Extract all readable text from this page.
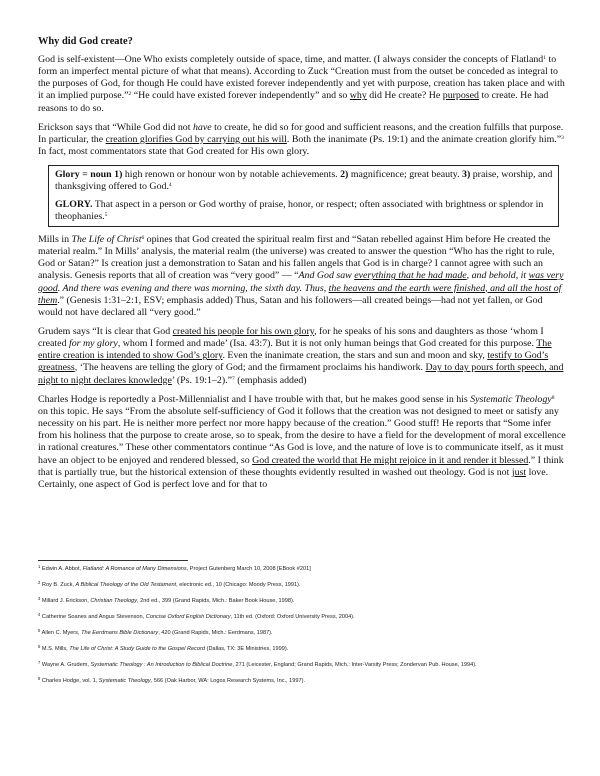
Why did God create?

God is self-existent—One Who exists completely outside of space, time, and matter. (I always consider the concepts of Flatland$^1$ to form an imperfect mental picture of what that means). According to Zuck “Creation must from the outset be conceded as integral to the purposes of God, for though He could have existed forever independently and yet with purpose, creation has taken place and with it an implied purpose.”$^2$ “He could have existed forever independently” and so why did He create? He purposed to create. He had reasons to do so.

Erickson says that “While God did not have to create, he did so for good and sufficient reasons, and the creation fulfills that purpose. In particular, the creation glorifies God by carrying out his will. Both the inanimate (Ps. 19:1) and the animate creation glorify him.”$^3$ In fact, most commentators state that God created for His own glory.

Glory = noun 1) high renown or honour won by notable achievements. 2) magnificence; great beauty. 3) praise, worship, and thanksgiving offered to God.$^4$

GLORY. That aspect in a person or God worthy of praise, honor, or respect; often associated with brightness or splendor in theophanies.$^5$

Mills in The Life of Christ$^6$ opines that God created the spiritual realm first and “Satan rebelled against Him before He created the material realm.” In Mills’ analysis, the material realm (the universe) was created to answer the question “Who has the right to rule, God or Satan?” Is creation just a demonstration to Satan and his fallen angels that God is in charge? I cannot agree with such an analysis. Genesis reports that all of creation was “very good” — “And God saw everything that he had made, and behold, it was very good. And there was evening and there was morning, the sixth day. Thus, the heavens and the earth were finished, and all the host of them.” (Genesis 1:31–2:1, ESV; emphasis added) Thus, Satan and his followers—all created beings—had not yet fallen, or God would not have declared all “very good.”

Grudem says “It is clear that God created his people for his own glory, for he speaks of his sons and daughters as those ‘whom I created for my glory, whom I formed and made’ (Isa. 43:7). But it is not only human beings that God created for this purpose. The entire creation is intended to show God’s glory. Even the inanimate creation, the stars and sun and moon and sky, testify to God’s greatness, ‘The heavens are telling the glory of God; and the firmament proclaims his handiwork. Day to day pours forth speech, and night to night declares knowledge’ (Ps. 19:1–2).”$^7$ (emphasis added)

Charles Hodge is reportedly a Post-Millennialist and I have trouble with that, but he makes good sense in his Systematic Theology$^8$ on this topic. He says “From the absolute self-sufficiency of God it follows that the creation was not designed to meet or satisfy any necessity on his part. He is neither more perfect nor more happy because of the creation.” Good stuff! He reports that “Some infer from his holiness that the purpose to create arose, so to speak, from the desire to have a field for the development of moral excellence in rational creatures.” These other commentators continue “As God is love, and the nature of love is to communicate itself, as it must have an object to be enjoyed and rendered blessed, so God created the world that He might rejoice in it and render it blessed.” I think that is partially true, but the historical extension of these thoughts evidently resulted in washed out theology. God is not just love. Certainly, one aspect of God is perfect love and for that to

$^1$ Edwin A. Abbot, Flatland: A Romance of Many Dimensions, Project Gutenberg March 10, 2008 [EBook #201]
$^2$ Roy B. Zuck, A Biblical Theology of the Old Testament, electronic ed., 10 (Chicago: Moody Press, 1991).
$^3$ Millard J. Erickson, Christian Theology, 2nd ed., 399 (Grand Rapids, Mich.: Baker Book House, 1998).
$^4$ Catherine Soanes and Angus Stevenson, Concise Oxford English Dictionary, 11th ed. (Oxford: Oxford University Press, 2004).
$^5$ Allen C. Myers, The Eerdmans Bible Dictionary, 420 (Grand Rapids, Mich.: Eerdmans, 1987).
$^6$ M.S. Mills, The Life of Christ: A Study Guide to the Gospel Record (Dallas, TX: 3E Ministries, 1999).
$^7$ Wayne A. Grudem, Systematic Theology : An Introduction to Biblical Doctrine, 271 (Leicester, England; Grand Rapids, Mich.: Inter-Varsity Press; Zondervan Pub. House, 1994).
$^8$ Charles Hodge, vol. 1, Systematic Theology, 566 (Oak Harbor, WA: Logos Research Systems, Inc., 1997).
